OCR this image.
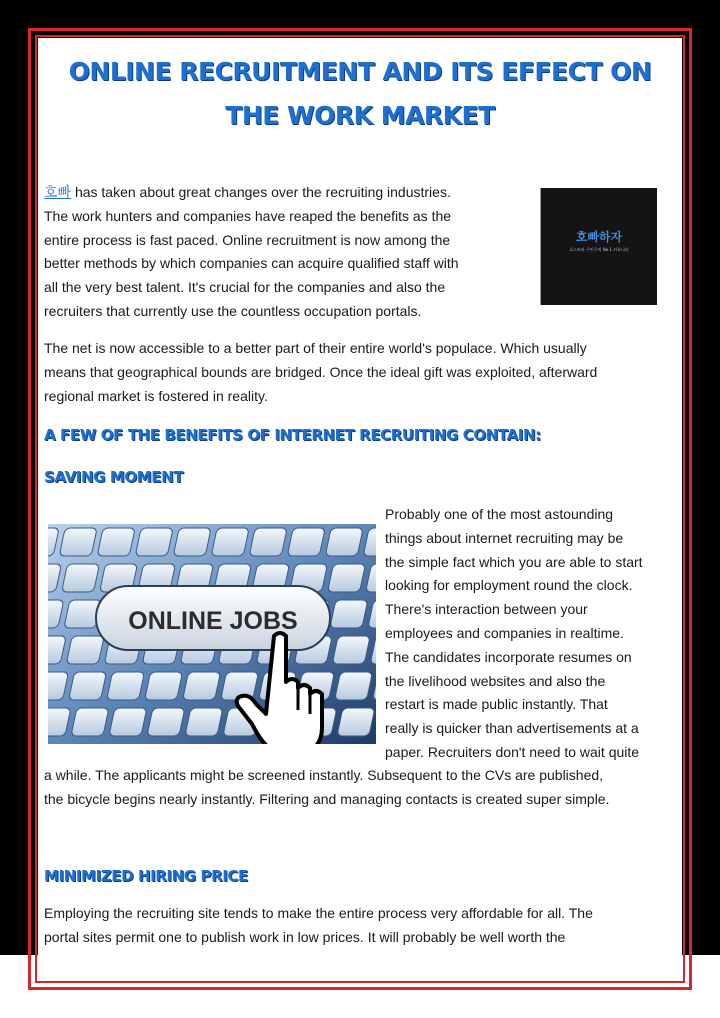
ONLINE RECRUITMENT AND ITS EFFECT ON
THE WORK MARKET
호빠 has taken about great changes over the recruiting industries.
The work hunters and companies have reaped the benefits as the
entire process is fast paced. Online recruitment is now among the
better methods by which companies can acquire qualified staff with
all the very best talent. It's crucial for the companies and also the
recruiters that currently use the countless occupation portals.
호빠하자
호스트바 구인구직 No.1 커뮤니티
The net is now accessible to a better part of their entire world's populace. Which usually
means that geographical bounds are bridged. Once the ideal gift was exploited, afterward
regional market is fostered in reality.
A FEW OF THE BENEFITS OF INTERNET RECRUITING CONTAIN:
SAVING MOMENT
ONLINE JOBS
Probably one of the most astounding
things about internet recruiting may be
the simple fact which you are able to start
looking for employment round the clock.
There's interaction between your
employees and companies in realtime.
The candidates incorporate resumes on
the livelihood websites and also the
restart is made public instantly. That
really is quicker than advertisements at a
paper. Recruiters don't need to wait quite
a while. The applicants might be screened instantly. Subsequent to the CVs are published,
the bicycle begins nearly instantly. Filtering and managing contacts is created super simple.
MINIMIZED HIRING PRICE
Employing the recruiting site tends to make the entire process very affordable for all. The
portal sites permit one to publish work in low prices. It will probably be well worth the
